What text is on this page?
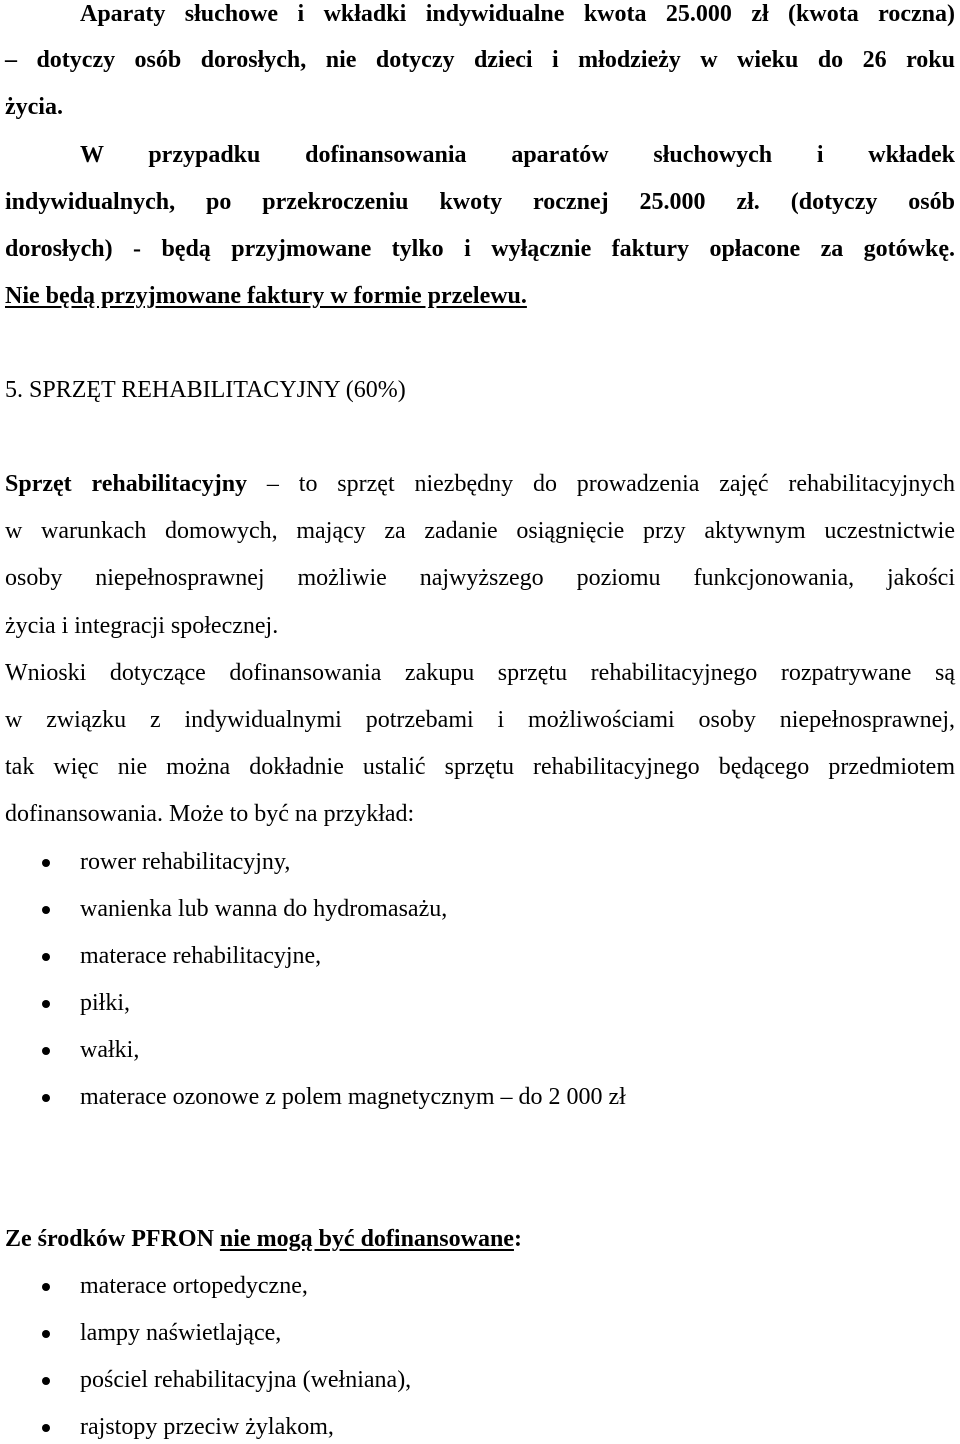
Aparaty słuchowe i wkładki indywidualne kwota 25.000 zł (kwota roczna)
– dotyczy osób dorosłych, nie dotyczy dzieci i młodzieży w wieku do 26 roku
życia.
W przypadku dofinansowania aparatów słuchowych i wkładek
indywidualnych, po przekroczeniu kwoty rocznej 25.000 zł. (dotyczy osób
dorosłych) - będą przyjmowane tylko i wyłącznie faktury opłacone za gotówkę.
Nie będą przyjmowane faktury w formie przelewu.
5. SPRZĘT REHABILITACYJNY (60%)
Sprzęt rehabilitacyjny – to sprzęt niezbędny do prowadzenia zajęć rehabilitacyjnych
w warunkach domowych, mający za zadanie osiągnięcie przy aktywnym uczestnictwie
osoby niepełnosprawnej możliwie najwyższego poziomu funkcjonowania, jakości
życia i integracji społecznej.
Wnioski dotyczące dofinansowania zakupu sprzętu rehabilitacyjnego rozpatrywane są
w związku z indywidualnymi potrzebami i możliwościami osoby niepełnosprawnej,
tak więc nie można dokładnie ustalić sprzętu rehabilitacyjnego będącego przedmiotem
dofinansowania. Może to być na przykład:
rower rehabilitacyjny,
wanienka lub wanna do hydromasażu,
materace rehabilitacyjne,
piłki,
wałki,
materace ozonowe z polem magnetycznym – do 2 000 zł
Ze środków PFRON nie mogą być dofinansowane:
materace ortopedyczne,
lampy naświetlające,
pościel rehabilitacyjna (wełniana),
rajstopy przeciw żylakom,
